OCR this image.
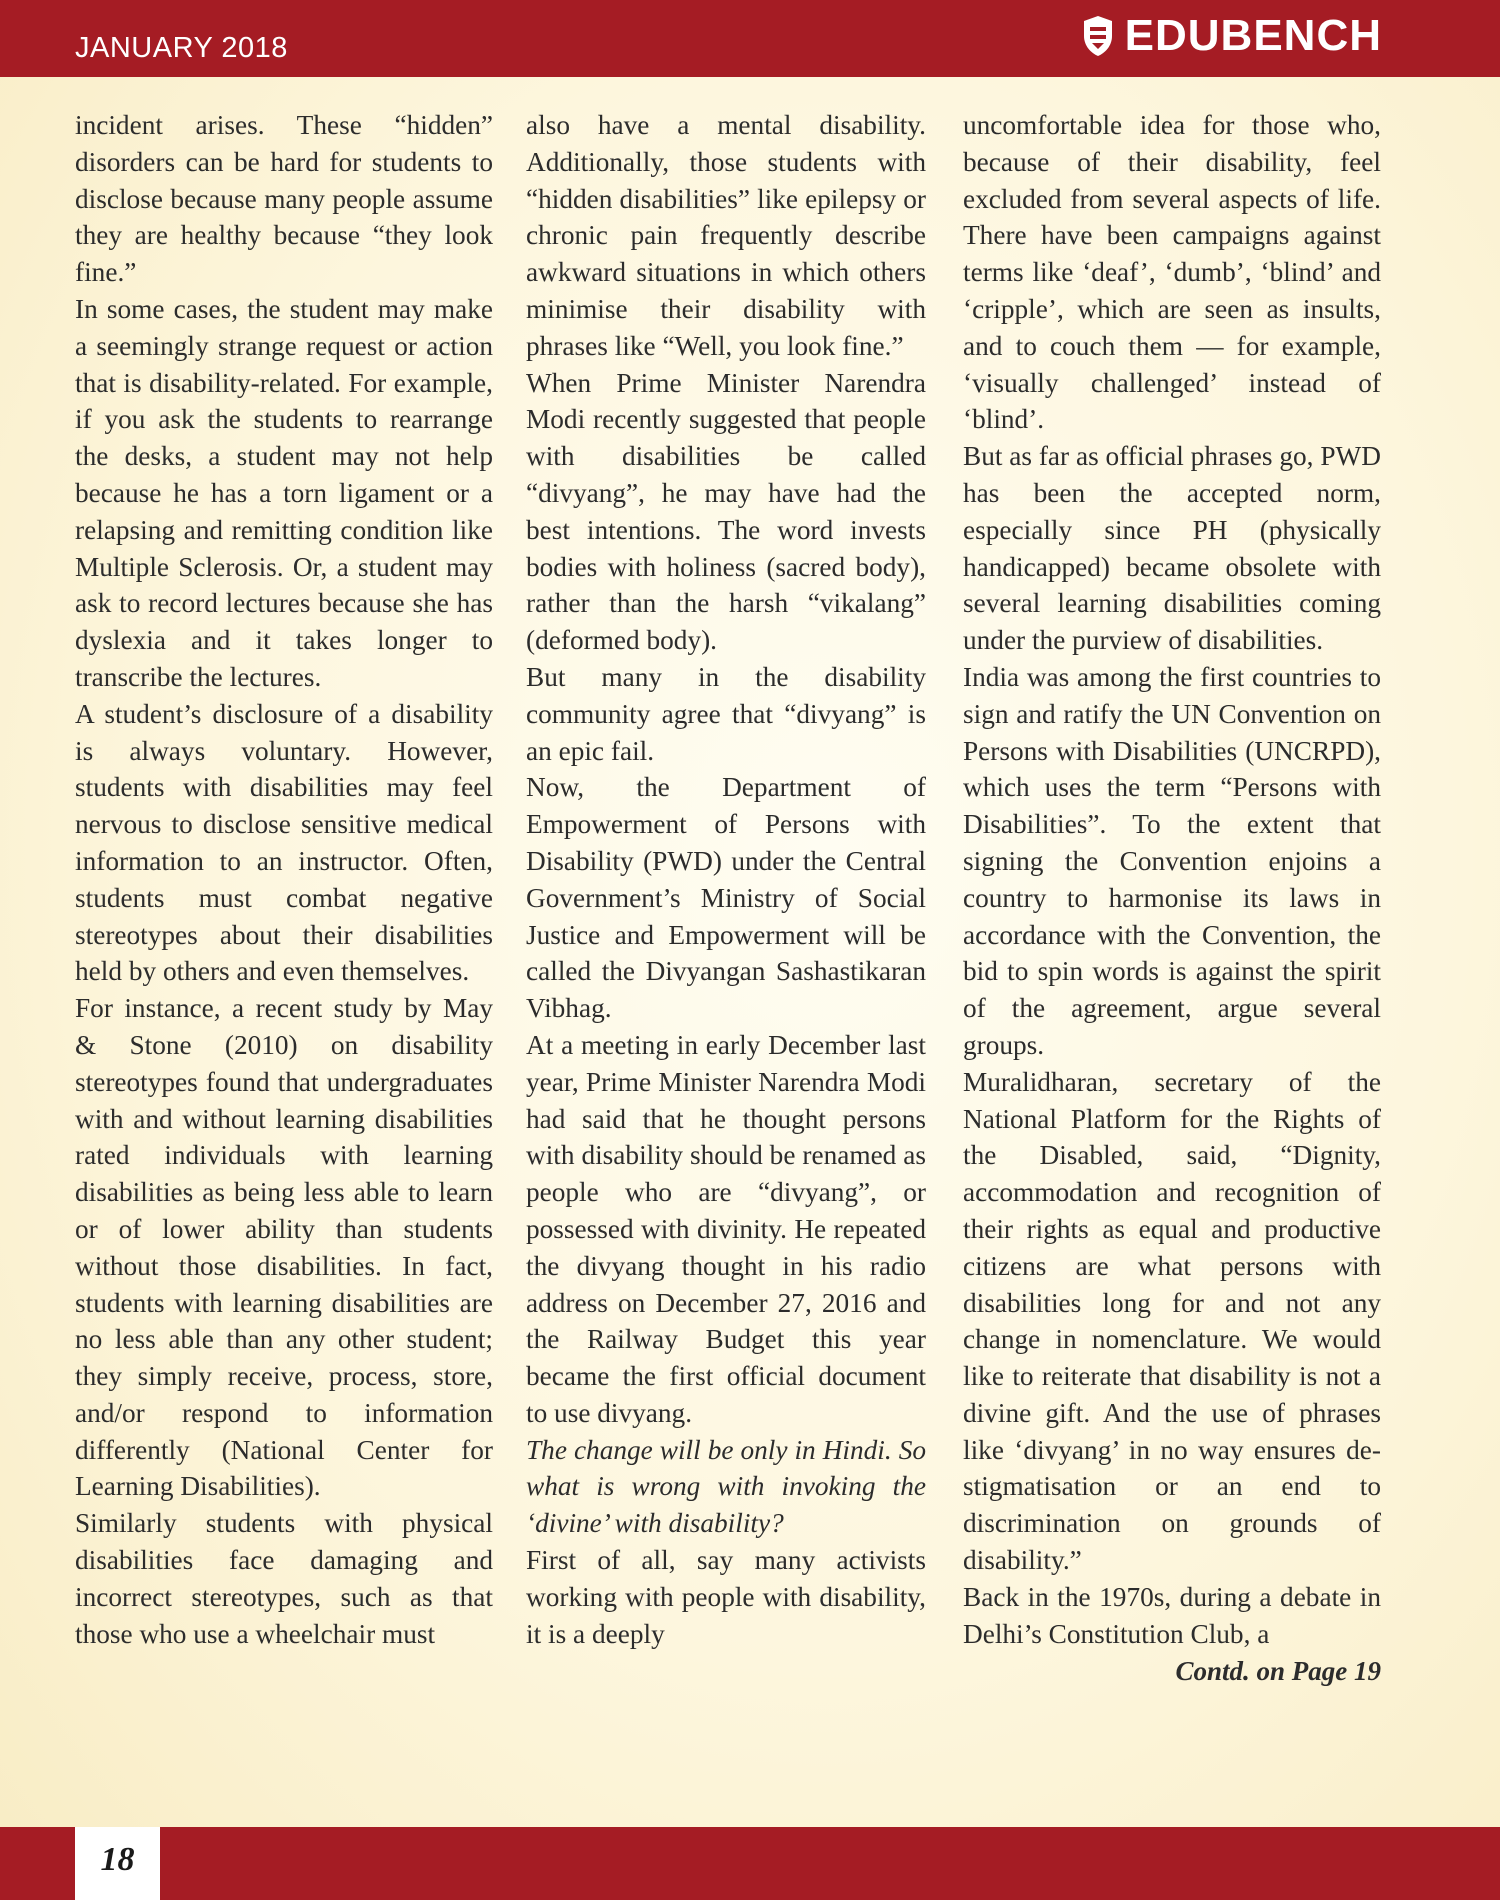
JANUARY 2018	EDUBENCH

incident arises. These “hidden” disorders can be hard for students to disclose because many people assume they are healthy because “they look fine.”

In some cases, the student may make a seemingly strange request or action that is disability-related. For example, if you ask the students to rearrange the desks, a student may not help because he has a torn ligament or a relapsing and remitting condition like Multiple Sclerosis. Or, a student may ask to record lectures because she has dyslexia and it takes longer to transcribe the lectures.

A student’s disclosure of a disability is always voluntary. However, students with disabilities may feel nervous to disclose sensitive medical information to an instructor. Often, students must combat negative stereotypes about their disabilities held by others and even themselves.

For instance, a recent study by May & Stone (2010) on disability stereotypes found that undergraduates with and without learning disabilities rated individuals with learning disabilities as being less able to learn or of lower ability than students without those disabilities. In fact, students with learning disabilities are no less able than any other student; they simply receive, process, store, and/or respond to information differently (National Center for Learning Disabilities).

Similarly students with physical disabilities face damaging and incorrect stereotypes, such as that those who use a wheelchair must

also have a mental disability. Additionally, those students with “hidden disabilities” like epilepsy or chronic pain frequently describe awkward situations in which others minimise their disability with phrases like “Well, you look fine.”

When Prime Minister Narendra Modi recently suggested that people with disabilities be called “divyang”, he may have had the best intentions. The word invests bodies with holiness (sacred body), rather than the harsh “vikalang” (deformed body).

But many in the disability community agree that “divyang” is an epic fail.

Now, the Department of Empowerment of Persons with Disability (PWD) under the Central Government’s Ministry of Social Justice and Empowerment will be called the Divyangan Sashastikaran Vibhag.

At a meeting in early December last year, Prime Minister Narendra Modi had said that he thought persons with disability should be renamed as people who are “divyang”, or possessed with divinity. He repeated the divyang thought in his radio address on December 27, 2016 and the Railway Budget this year became the first official document to use divyang.

The change will be only in Hindi. So what is wrong with invoking the ‘divine’ with disability?

First of all, say many activists working with people with disability, it is a deeply

uncomfortable idea for those who, because of their disability, feel excluded from several aspects of life. There have been campaigns against terms like ‘deaf’, ‘dumb’, ‘blind’ and ‘cripple’, which are seen as insults, and to couch them — for example, ‘visually challenged’ instead of ‘blind’.

But as far as official phrases go, PWD has been the accepted norm, especially since PH (physically handicapped) became obsolete with several learning disabilities coming under the purview of disabilities.

India was among the first countries to sign and ratify the UN Convention on Persons with Disabilities (UNCRPD), which uses the term “Persons with Disabilities”. To the extent that signing the Convention enjoins a country to harmonise its laws in accordance with the Convention, the bid to spin words is against the spirit of the agreement, argue several groups.

Muralidharan, secretary of the National Platform for the Rights of the Disabled, said, “Dignity, accommodation and recognition of their rights as equal and productive citizens are what persons with disabilities long for and not any change in nomenclature. We would like to reiterate that disability is not a divine gift. And the use of phrases like ‘divyang’ in no way ensures de-stigmatisation or an end to discrimination on grounds of disability.”

Back in the 1970s, during a debate in Delhi’s Constitution Club, a

Contd. on Page 19
18
